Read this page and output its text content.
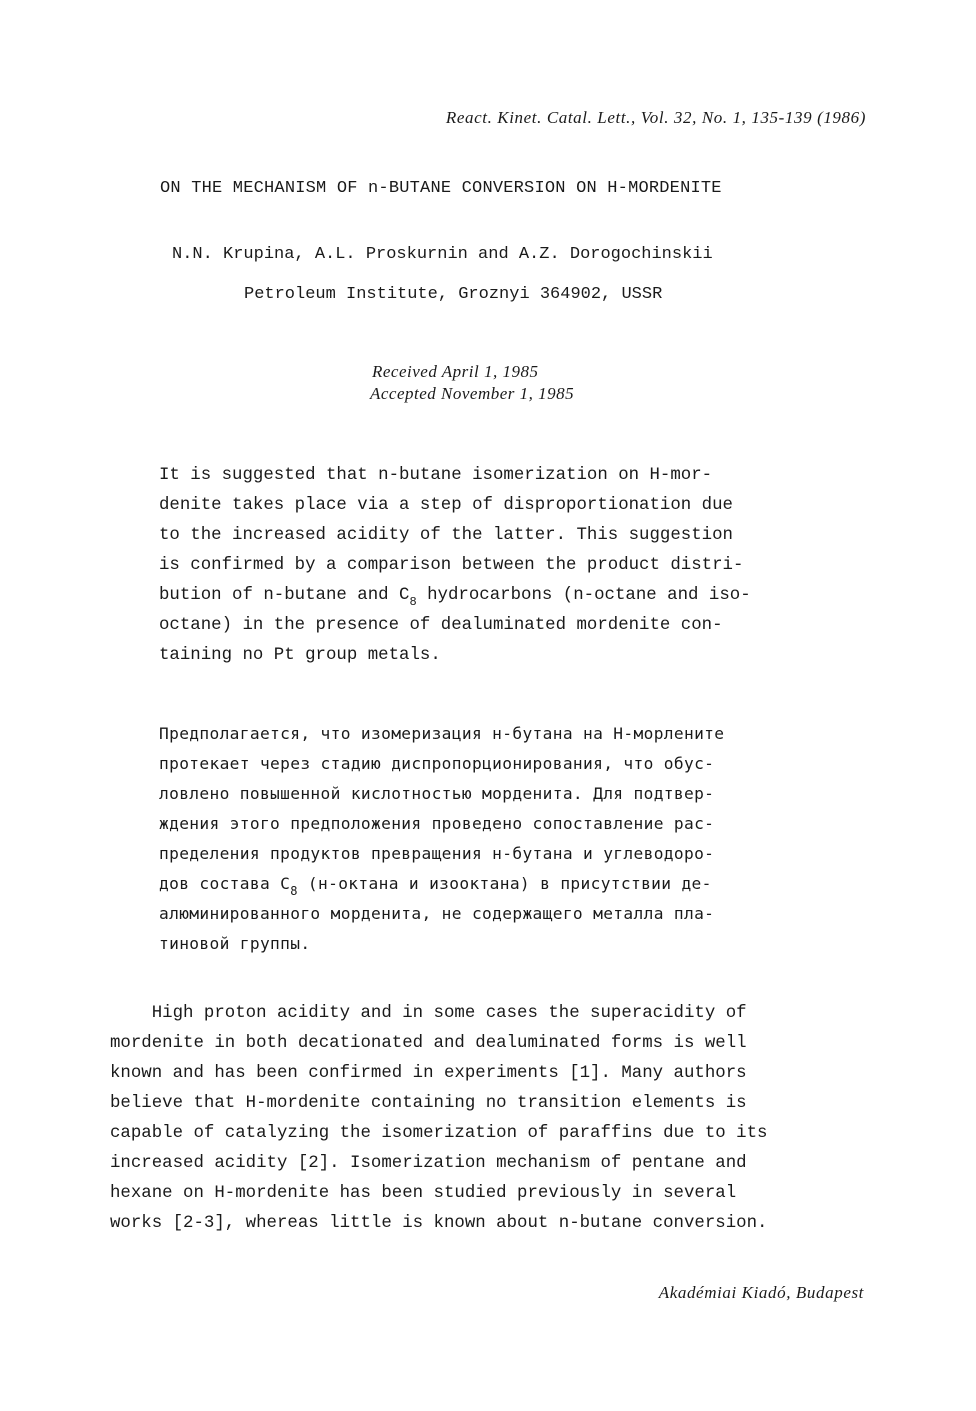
React. Kinet. Catal. Lett., Vol. 32, No. 1, 135-139 (1986)
ON THE MECHANISM OF n-BUTANE CONVERSION ON H-MORDENITE
N.N. Krupina, A.L. Proskurnin and A.Z. Dorogochinskii
Petroleum Institute, Groznyi 364902, USSR
Received April 1, 1985
Accepted November 1, 1985
It is suggested that n-butane isomerization on H-mor-
denite takes place via a step of disproportionation due
to the increased acidity of the latter. This suggestion
is confirmed by a comparison between the product distri-
bution of n-butane and $C_8$ hydrocarbons (n-octane and iso-
octane) in the presence of dealuminated mordenite con-
taining no Pt group metals.
Предполагается, что изомеризация н-бутана на Н-морлените
протекает через стадию диспропорционирования, что обус-
ловлено повышенной кислотностью морденита. Для подтвер-
ждения этого предположения проведено сопоставление рас-
пределения продуктов превращения н-бутана и углеводоро-
дов состава $С_8$ (н-октана и изооктана) в присутствии де-
алюминированного морденита, не содержащего металла пла-
тиновой группы.
High proton acidity and in some cases the superacidity of
mordenite in both decationated and dealuminated forms is well
known and has been confirmed in experiments [1]. Many authors
believe that H-mordenite containing no transition elements is
capable of catalyzing the isomerization of paraffins due to its
increased acidity [2]. Isomerization mechanism of pentane and
hexane on H-mordenite has been studied previously in several
works [2-3], whereas little is known about n-butane conversion.
Akadémiai Kiadó, Budapest
